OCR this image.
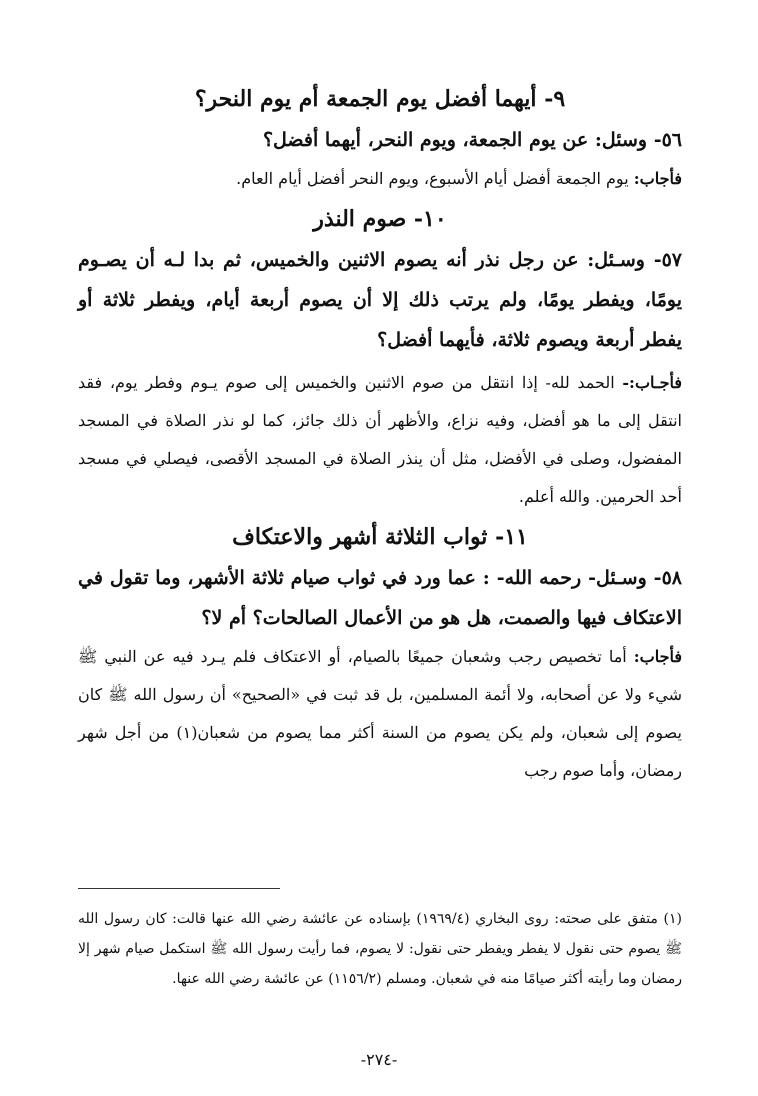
٩- أيهما أفضل يوم الجمعة أم يوم النحر؟

٥٦- وسئل: عن يوم الجمعة، ويوم النحر، أيهما أفضل؟

فأجاب: يوم الجمعة أفضل أيام الأسبوع، ويوم النحر أفضل أيام العام.

١٠- صوم النذر

٥٧- وسـئل: عن رجل نذر أنه يصوم الاثنين والخميس، ثم بدا لـه أن يصـوم يومًا، ويفطر يومًا، ولم يرتب ذلك إلا أن يصوم أربعة أيام، ويفطر ثلاثة أو يفطر أربعة ويصوم ثلاثة، فأيهما أفضل؟

فأجـاب:- الحمد لله- إذا انتقل من صوم الاثنين والخميس إلى صوم يـوم وفطر يوم، فقد انتقل إلى ما هو أفضل، وفيه نزاع، والأظهر أن ذلك جائز، كما لو نذر الصلاة في المسجد المفضول، وصلى في الأفضل، مثل أن ينذر الصلاة في المسجد الأقصى، فيصلي في مسجد أحد الحرمين. والله أعلم.

١١- ثواب الثلاثة أشهر والاعتكاف

٥٨- وسـئل- رحمه الله- : عما ورد في ثواب صيام ثلاثة الأشهر، وما تقول في الاعتكاف فيها والصمت، هل هو من الأعمال الصالحات؟ أم لا؟

فأجاب: أما تخصيص رجب وشعبان جميعًا بالصيام، أو الاعتكاف فلم يـرد فيه عن النبي ﷺ شيء ولا عن أصحابه، ولا أئمة المسلمين، بل قد ثبت في «الصحيح» أن رسول الله ﷺ كان يصوم إلى شعبان، ولم يكن يصوم من السنة أكثر مما يصوم من شعبان(١) من أجل شهر رمضان، وأما صوم رجب

(١) متفق على صحته: روى البخاري (١٩٦٩/٤) بإسناده عن عائشة رضي الله عنها قالت: كان رسول الله ﷺ يصوم حتى نقول لا يفطر ويفطر حتى نقول: لا يصوم، فما رأيت رسول الله ﷺ استكمل صيام شهر إلا رمضان وما رأيته أكثر صيامًا منه في شعبان. ومسلم (١١٥٦/٢) عن عائشة رضي الله عنها.

-٢٧٤-
